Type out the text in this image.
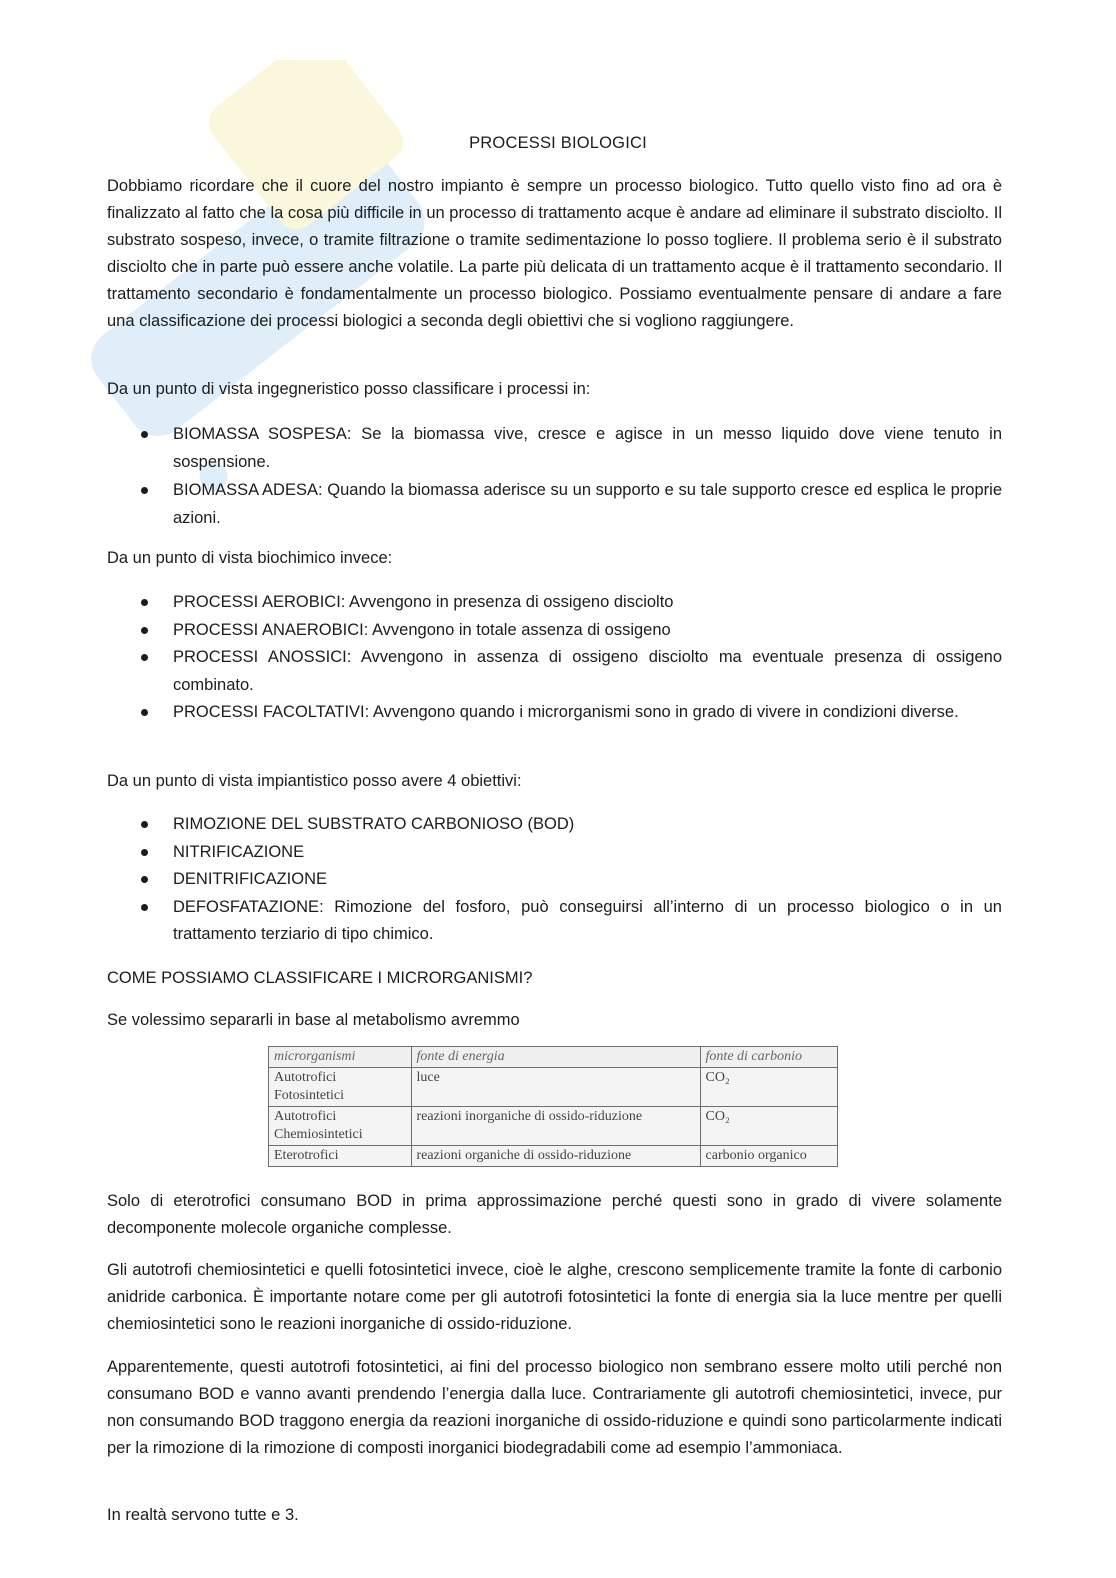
PROCESSI BIOLOGICI

Dobbiamo ricordare che il cuore del nostro impianto è sempre un processo biologico. Tutto quello visto fino ad ora è finalizzato al fatto che la cosa più difficile in un processo di trattamento acque è andare ad eliminare il substrato disciolto. Il substrato sospeso, invece, o tramite filtrazione o tramite sedimentazione lo posso togliere. Il problema serio è il substrato disciolto che in parte può essere anche volatile. La parte più delicata di un trattamento acque è il trattamento secondario. Il trattamento secondario è fondamentalmente un processo biologico. Possiamo eventualmente pensare di andare a fare una classificazione dei processi biologici a seconda degli obiettivi che si vogliono raggiungere.

Da un punto di vista ingegneristico posso classificare i processi in:

BIOMASSA SOSPESA: Se la biomassa vive, cresce e agisce in un messo liquido dove viene tenuto in sospensione.
BIOMASSA ADESA: Quando la biomassa aderisce su un supporto e su tale supporto cresce ed esplica le proprie azioni.

Da un punto di vista biochimico invece:

PROCESSI AEROBICI: Avvengono in presenza di ossigeno disciolto
PROCESSI ANAEROBICI: Avvengono in totale assenza di ossigeno
PROCESSI ANOSSICI: Avvengono in assenza di ossigeno disciolto ma eventuale presenza di ossigeno combinato.
PROCESSI FACOLTATIVI: Avvengono quando i microrganismi sono in grado di vivere in condizioni diverse.

Da un punto di vista impiantistico posso avere 4 obiettivi:

RIMOZIONE DEL SUBSTRATO CARBONIOSO (BOD)
NITRIFICAZIONE
DENITRIFICAZIONE
DEFOSFATAZIONE: Rimozione del fosforo, può conseguirsi all’interno di un processo biologico o in un trattamento terziario di tipo chimico.

COME POSSIAMO CLASSIFICARE I MICRORGANISMI?

Se volessimo separarli in base al metabolismo avremmo

microrganismi	fonte di energia	fonte di carbonio
Autotrofici Fotosintetici	luce	CO₂
Autotrofici Chemiosintetici	reazioni inorganiche di ossido-riduzione	CO₂
Eterotrofici	reazioni organiche di ossido-riduzione	carbonio organico

Solo di eterotrofici consumano BOD in prima approssimazione perché questi sono in grado di vivere solamente decomponente molecole organiche complesse.

Gli autotrofi chemiosintetici e quelli fotosintetici invece, cioè le alghe, crescono semplicemente tramite la fonte di carbonio anidride carbonica. È importante notare come per gli autotrofi fotosintetici la fonte di energia sia la luce mentre per quelli chemiosintetici sono le reazioni inorganiche di ossido-riduzione.

Apparentemente, questi autotrofi fotosintetici, ai fini del processo biologico non sembrano essere molto utili perché non consumano BOD e vanno avanti prendendo l’energia dalla luce. Contrariamente gli autotrofi chemiosintetici, invece, pur non consumando BOD traggono energia da reazioni inorganiche di ossido-riduzione e quindi sono particolarmente indicati per la rimozione di la rimozione di composti inorganici biodegradabili come ad esempio l’ammoniaca.

In realtà servono tutte e 3.
